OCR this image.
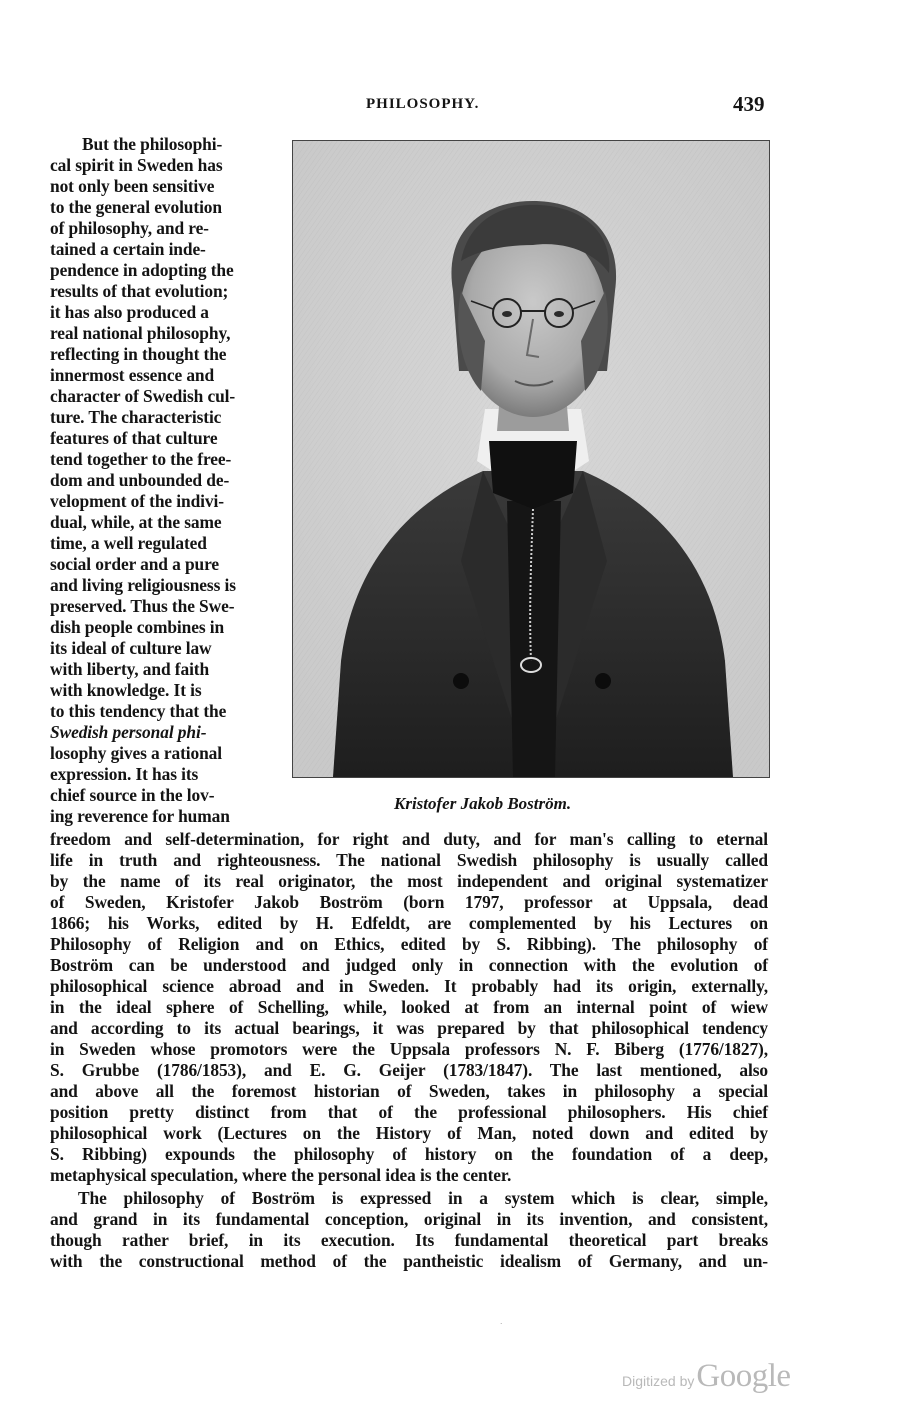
PHILOSOPHY.	439
But the philosophi-
cal spirit in Sweden has
not only been sensitive
to the general evolution
of philosophy, and re-
tained a certain inde-
pendence in adopting the
results of that evolution;
it has also produced a
real national philosophy,
reflecting in thought the
innermost essence and
character of Swedish cul-
ture. The characteristic
features of that culture
tend together to the free-
dom and unbounded de-
velopment of the indivi-
dual, while, at the same
time, a well regulated
social order and a pure
and living religiousness is
preserved. Thus the Swe-
dish people combines in
its ideal of culture law
with liberty, and faith
with knowledge. It is
to this tendency that the
Swedish personal phi-
losophy gives a rational
expression. It has its
chief source in the lov-
ing reverence for human
Kristofer Jakob Boström.
freedom and self-determination, for right and duty, and for man's calling to eternal
life in truth and righteousness. The national Swedish philosophy is usually called
by the name of its real originator, the most independent and original systematizer
of Sweden, Kristofer Jakob Boström (born 1797, professor at Uppsala, dead
1866; his Works, edited by H. Edfeldt, are complemented by his Lectures on
Philosophy of Religion and on Ethics, edited by S. Ribbing). The philosophy of
Boström can be understood and judged only in connection with the evolution of
philosophical science abroad and in Sweden. It probably had its origin, externally,
in the ideal sphere of Schelling, while, looked at from an internal point of wiew
and according to its actual bearings, it was prepared by that philosophical tendency
in Sweden whose promotors were the Uppsala professors N. F. Biberg (1776/1827),
S. Grubbe (1786/1853), and E. G. Geijer (1783/1847). The last mentioned, also
and above all the foremost historian of Sweden, takes in philosophy a special
position pretty distinct from that of the professional philosophers. His chief
philosophical work (Lectures on the History of Man, noted down and edited by
S. Ribbing) expounds the philosophy of history on the foundation of a deep,
metaphysical speculation, where the personal idea is the center.
The philosophy of Boström is expressed in a system which is clear, simple,
and grand in its fundamental conception, original in its invention, and consistent,
though rather brief, in its execution. Its fundamental theoretical part breaks
with the constructional method of the pantheistic idealism of Germany, and un-
·
Digitized byGoogle
